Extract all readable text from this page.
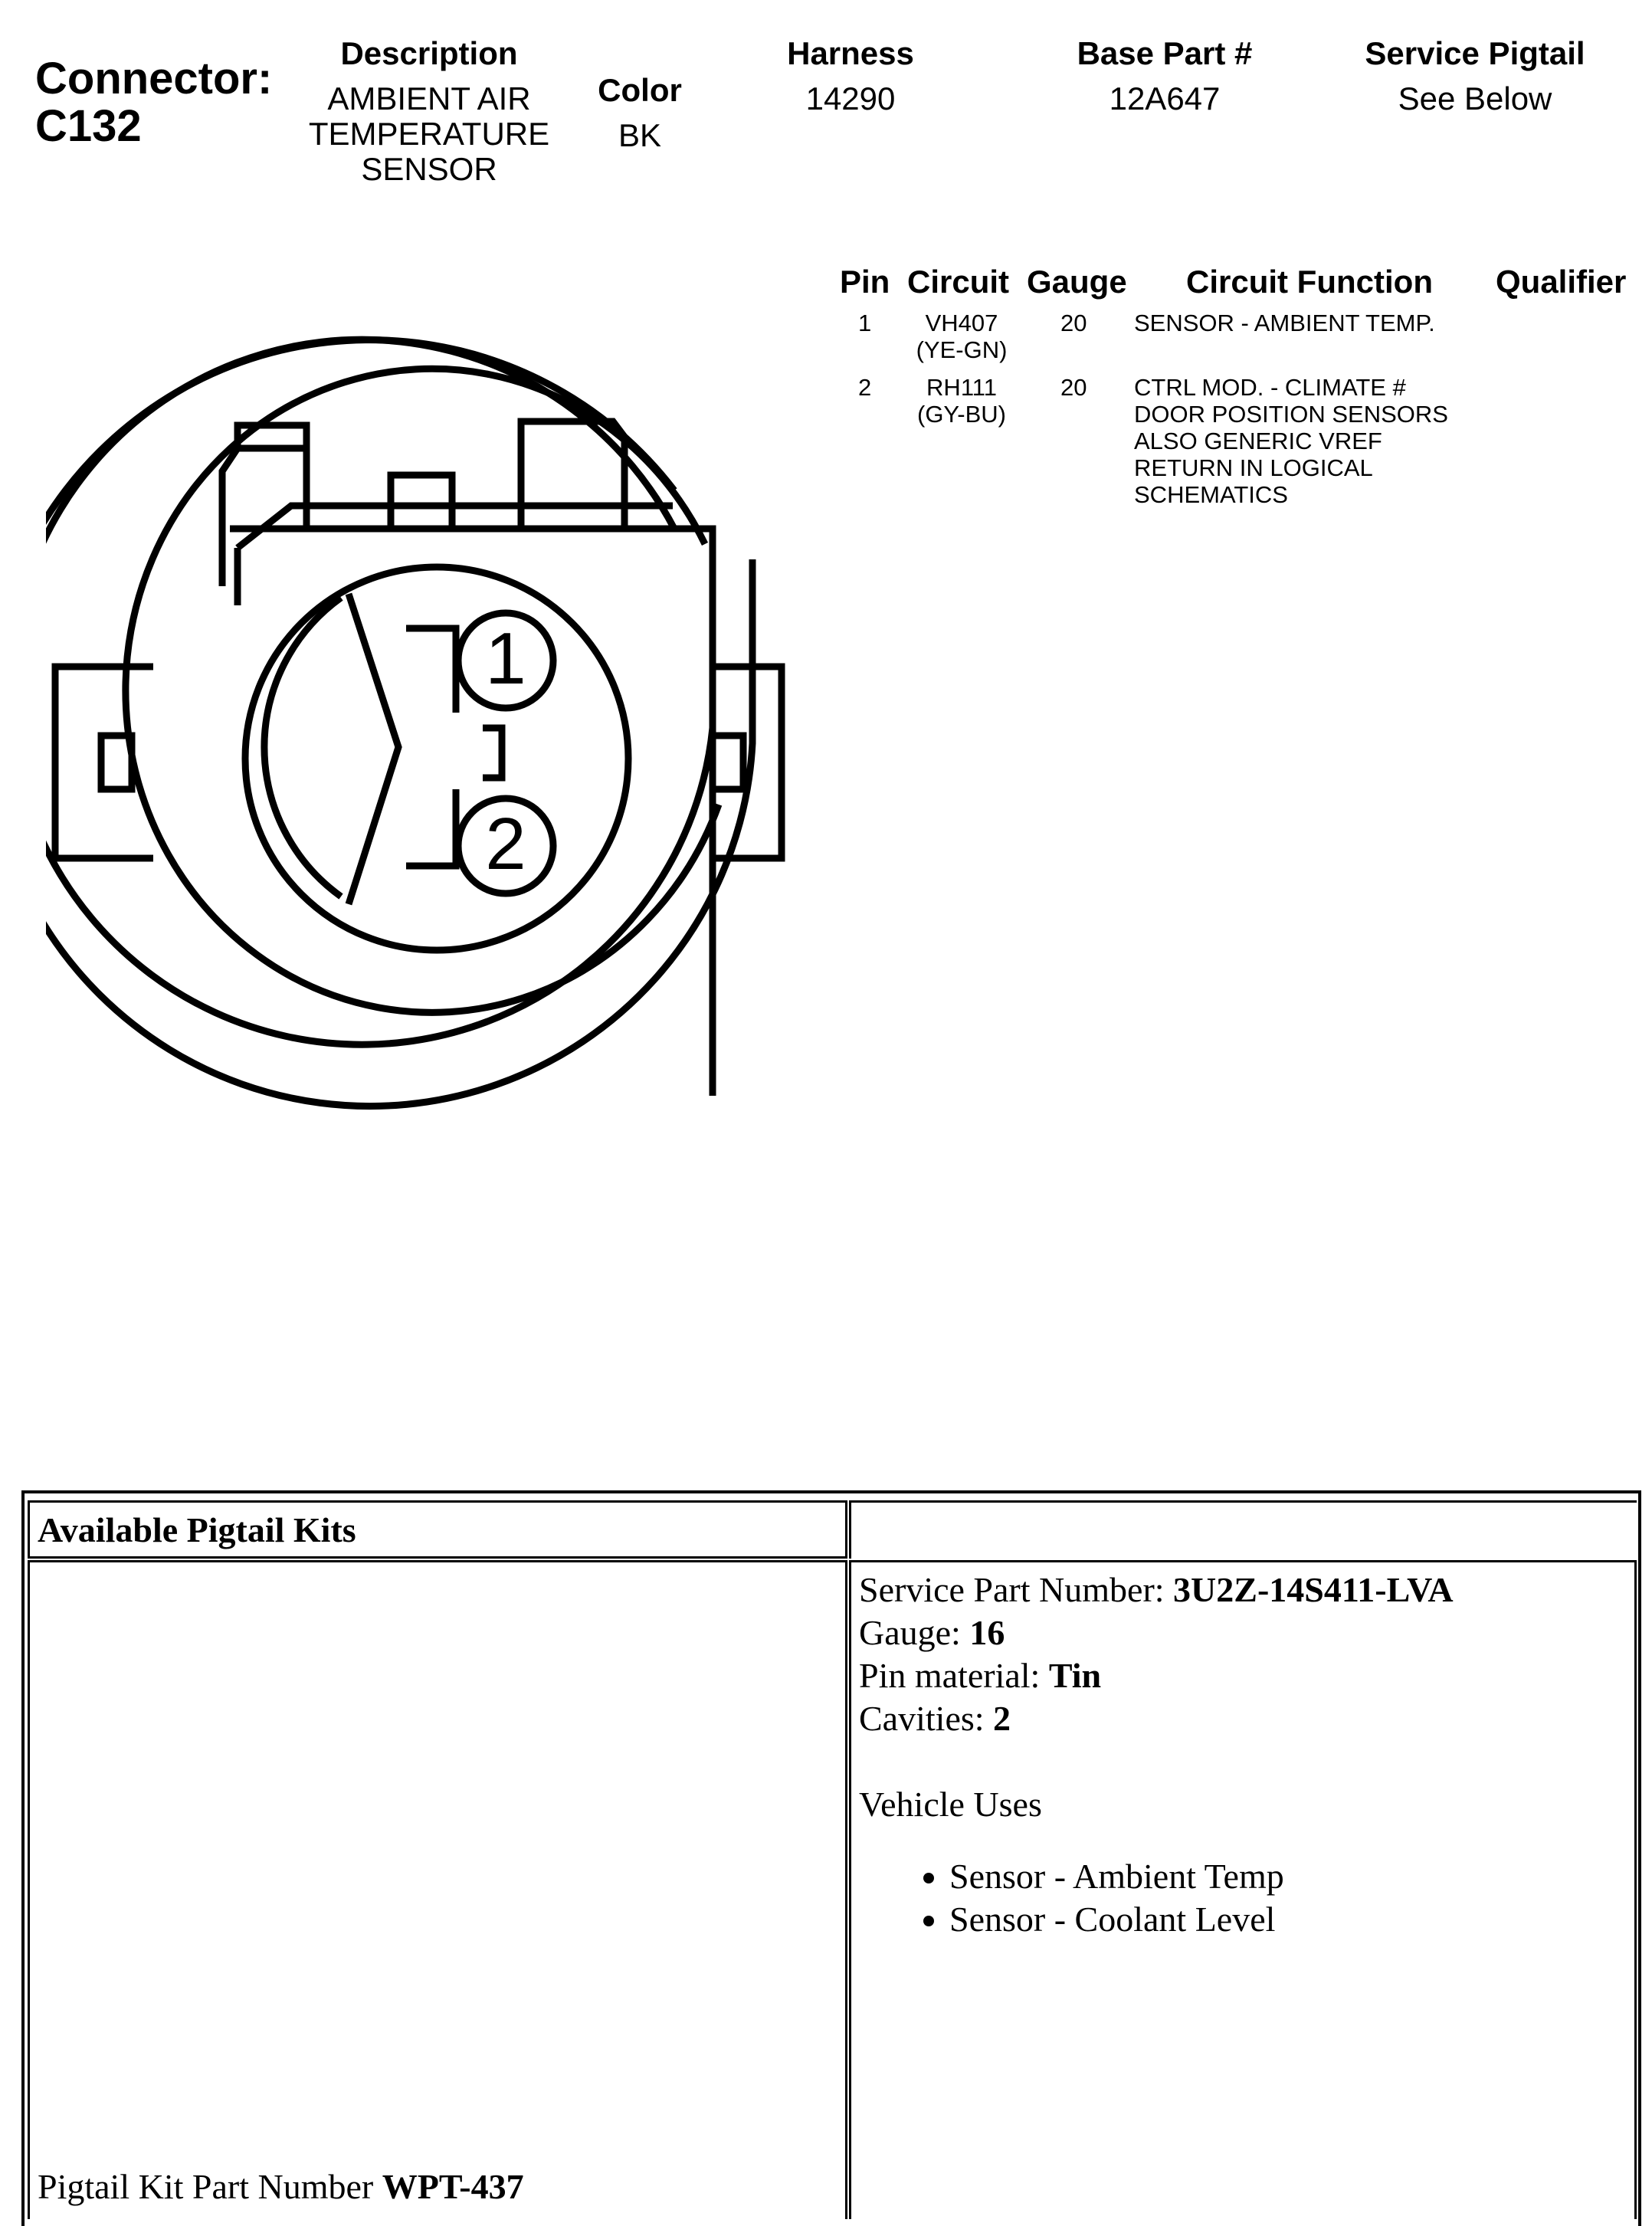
Connector:
C132
Description
AMBIENT AIR
TEMPERATURE
SENSOR
Color
BK
Harness
14290
Base Part #
12A647
Service Pigtail
See Below
Pin Circuit Gauge Circuit Function Qualifier
1	VH407
(YE-GN)
20 SENSOR - AMBIENT TEMP.
2	RH111
(GY-BU)
20 CTRL MOD. - CLIMATE #
DOOR POSITION SENSORS
ALSO GENERIC VREF
RETURN IN LOGICAL
SCHEMATICS
1
2
Available Pigtail Kits
Pigtail Kit Part Number WPT-437
Service Part Number: 3U2Z-14S411-LVA
Gauge: 16
Pin material: Tin
Cavities: 2
Vehicle Uses
• Sensor - Ambient Temp
• Sensor - Coolant Level
